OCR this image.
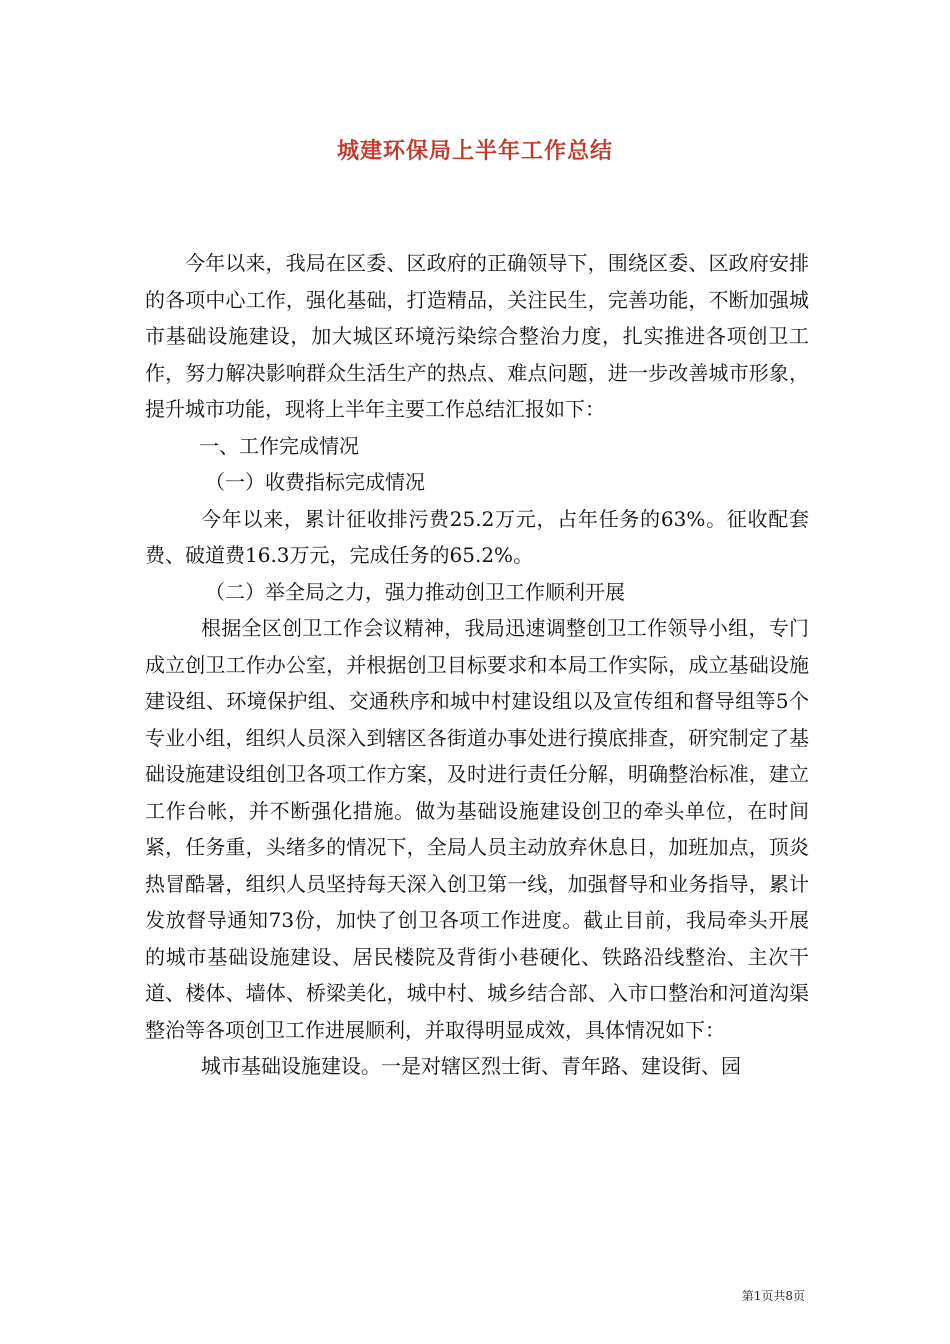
城建环保局上半年工作总结

今年以来，我局在区委、区政府的正确领导下，围绕区委、区政府安排的各项中心工作，强化基础，打造精品，关注民生，完善功能，不断加强城市基础设施建设，加大城区环境污染综合整治力度，扎实推进各项创卫工作，努力解决影响群众生活生产的热点、难点问题，进一步改善城市形象，提升城市功能，现将上半年主要工作总结汇报如下：

一、工作完成情况

（一）收费指标完成情况

今年以来，累计征收排污费25.2万元，占年任务的63%。征收配套费、破道费16.3万元，完成任务的65.2%。

（二）举全局之力，强力推动创卫工作顺利开展

根据全区创卫工作会议精神，我局迅速调整创卫工作领导小组，专门成立创卫工作办公室，并根据创卫目标要求和本局工作实际，成立基础设施建设组、环境保护组、交通秩序和城中村建设组以及宣传组和督导组等5个专业小组，组织人员深入到辖区各街道办事处进行摸底排查，研究制定了基础设施建设组创卫各项工作方案，及时进行责任分解，明确整治标准，建立工作台帐，并不断强化措施。做为基础设施建设创卫的牵头单位，在时间紧，任务重，头绪多的情况下，全局人员主动放弃休息日，加班加点，顶炎热冒酷暑，组织人员坚持每天深入创卫第一线，加强督导和业务指导，累计发放督导通知73份，加快了创卫各项工作进度。截止目前，我局牵头开展的城市基础设施建设、居民楼院及背街小巷硬化、铁路沿线整治、主次干道、楼体、墙体、桥梁美化，城中村、城乡结合部、入市口整治和河道沟渠整治等各项创卫工作进展顺利，并取得明显成效，具体情况如下：

城市基础设施建设。一是对辖区烈士街、青年路、建设街、园

第1页共8页
